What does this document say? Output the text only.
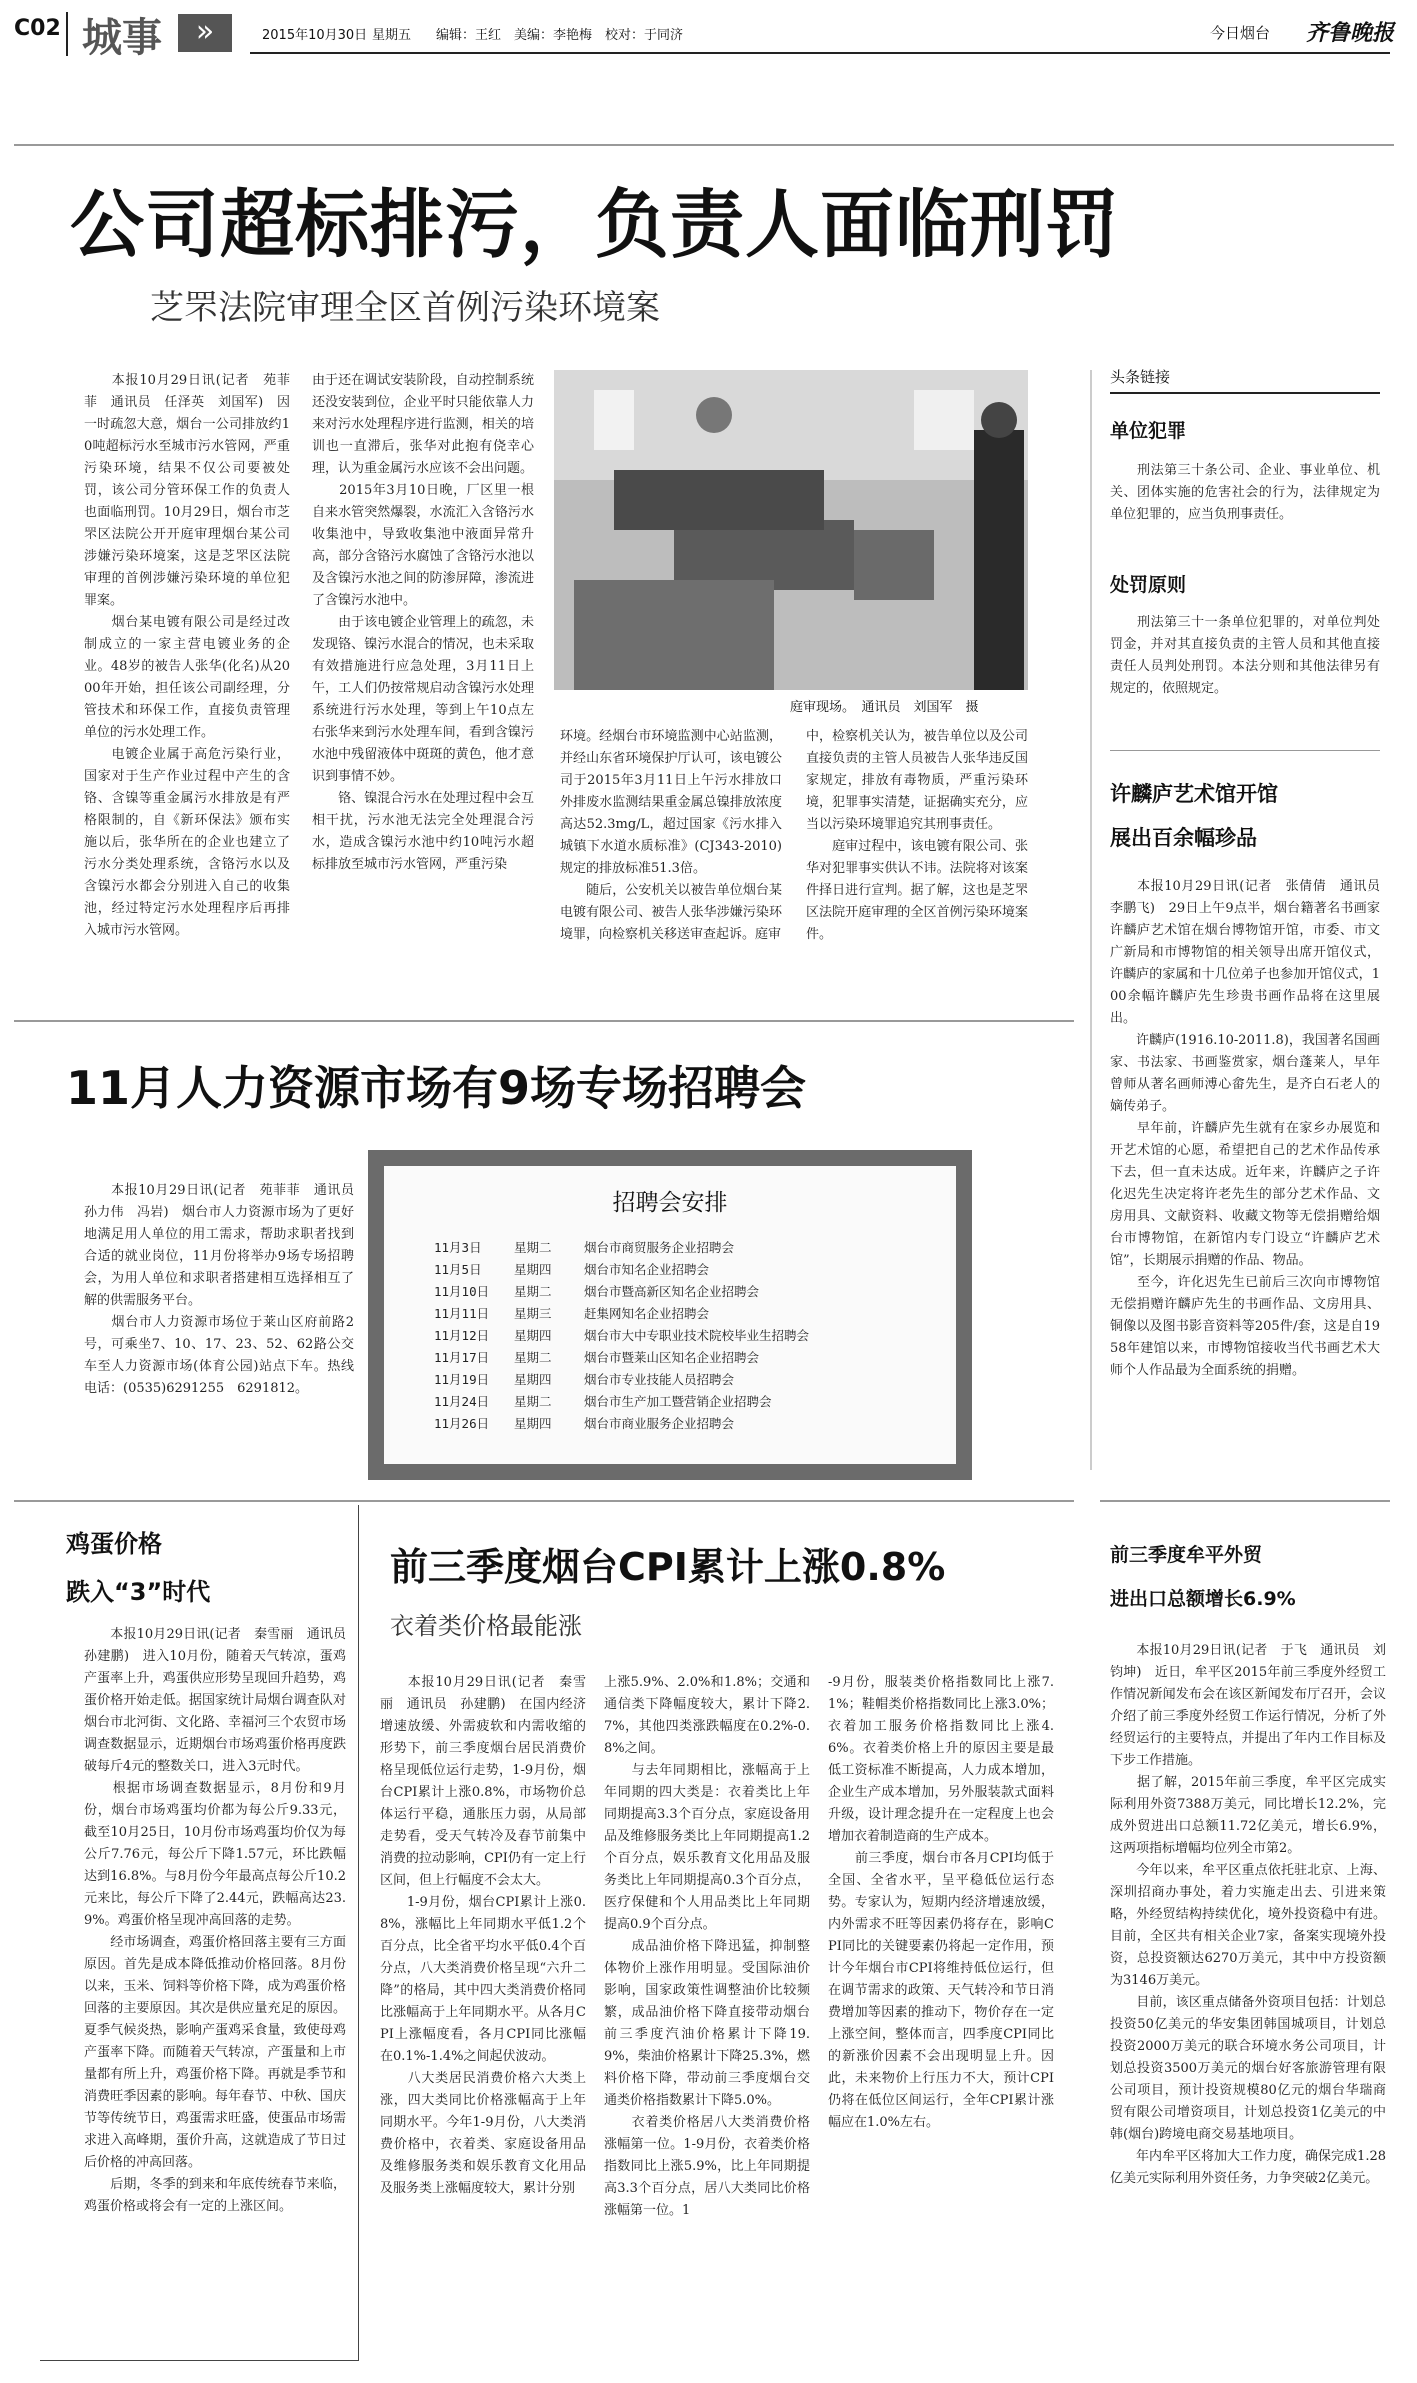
C02 城事	»	2015年10月30日 星期五 编辑：王红　美编：李艳梅　校对：于同济	今日烟台 齐鲁晚报
公司超标排污，负责人面临刑罚
芝罘法院审理全区首例污染环境案
　　本报10月29日讯(记者　苑菲菲　通讯员　任泽英　刘国军)　因一时疏忽大意，烟台一公司排放约10吨超标污水至城市污水管网，严重污染环境，结果不仅公司要被处罚，该公司分管环保工作的负责人也面临刑罚。10月29日，烟台市芝罘区法院公开开庭审理烟台某公司涉嫌污染环境案，这是芝罘区法院审理的首例涉嫌污染环境的单位犯罪案。
　　烟台某电镀有限公司是经过改制成立的一家主营电镀业务的企业。48岁的被告人张华(化名)从2000年开始，担任该公司副经理，分管技术和环保工作，直接负责管理单位的污水处理工作。
　　电镀企业属于高危污染行业，国家对于生产作业过程中产生的含铬、含镍等重金属污水排放是有严格限制的，自《新环保法》颁布实施以后，张华所在的企业也建立了污水分类处理系统，含铬污水以及含镍污水都会分别进入自己的收集池，经过特定污水处理程序后再排入城市污水管网。
由于还在调试安装阶段，自动控制系统还没安装到位，企业平时只能依靠人力来对污水处理程序进行监测，相关的培训也一直滞后，张华对此抱有侥幸心理，认为重金属污水应该不会出问题。
　　2015年3月10日晚，厂区里一根自来水管突然爆裂，水流汇入含铬污水收集池中，导致收集池中液面异常升高，部分含铬污水腐蚀了含铬污水池以及含镍污水池之间的防渗屏障，渗流进了含镍污水池中。
　　由于该电镀企业管理上的疏忽，未发现铬、镍污水混合的情况，也未采取有效措施进行应急处理，3月11日上午，工人们仍按常规启动含镍污水处理系统进行污水处理，等到上午10点左右张华来到污水处理车间，看到含镍污水池中残留液体中斑斑的黄色，他才意识到事情不妙。
　　铬、镍混合污水在处理过程中会互相干扰，污水池无法完全处理混合污水，造成含镍污水池中约10吨污水超标排放至城市污水管网，严重污染
庭审现场。　通讯员　刘国军　摄
环境。经烟台市环境监测中心站监测，并经山东省环境保护厅认可，该电镀公司于2015年3月11日上午污水排放口外排废水监测结果重金属总镍排放浓度高达52.3mg/L，超过国家《污水排入城镇下水道水质标准》(CJ343-2010)规定的排放标准51.3倍。
　　随后，公安机关以被告单位烟台某电镀有限公司、被告人张华涉嫌污染环境罪，向检察机关移送审查起诉。庭审
中，检察机关认为，被告单位以及公司直接负责的主管人员被告人张华违反国家规定，排放有毒物质，严重污染环境，犯罪事实清楚，证据确实充分，应当以污染环境罪追究其刑事责任。
　　庭审过程中，该电镀有限公司、张华对犯罪事实供认不讳。法院将对该案件择日进行宣判。据了解，这也是芝罘区法院开庭审理的全区首例污染环境案件。
头条链接
单位犯罪
　　刑法第三十条公司、企业、事业单位、机关、团体实施的危害社会的行为，法律规定为单位犯罪的，应当负刑事责任。
处罚原则
　　刑法第三十一条单位犯罪的，对单位判处罚金，并对其直接负责的主管人员和其他直接责任人员判处刑罚。本法分则和其他法律另有规定的，依照规定。
许麟庐艺术馆开馆
展出百余幅珍品
　　本报10月29日讯(记者　张倩倩　通讯员　李鹏飞)　29日上午9点半，烟台籍著名书画家许麟庐艺术馆在烟台博物馆开馆，市委、市文广新局和市博物馆的相关领导出席开馆仪式，许麟庐的家属和十几位弟子也参加开馆仪式，100余幅许麟庐先生珍贵书画作品将在这里展出。
　　许麟庐(1916.10-2011.8)，我国著名国画家、书法家、书画鉴赏家，烟台蓬莱人，早年曾师从著名画师溥心畲先生，是齐白石老人的嫡传弟子。
　　早年前，许麟庐先生就有在家乡办展览和开艺术馆的心愿，希望把自己的艺术作品传承下去，但一直未达成。近年来，许麟庐之子许化迟先生决定将许老先生的部分艺术作品、文房用具、文献资料、收藏文物等无偿捐赠给烟台市博物馆，在新馆内专门设立“许麟庐艺术馆”，长期展示捐赠的作品、物品。
　　至今，许化迟先生已前后三次向市博物馆无偿捐赠许麟庐先生的书画作品、文房用具、铜像以及图书影音资料等205件/套，这是自1958年建馆以来，市博物馆接收当代书画艺术大师个人作品最为全面系统的捐赠。
11月人力资源市场有9场专场招聘会
　　本报10月29日讯(记者　苑菲菲　通讯员　孙力伟　冯岩)　烟台市人力资源市场为了更好地满足用人单位的用工需求，帮助求职者找到合适的就业岗位，11月份将举办9场专场招聘会，为用人单位和求职者搭建相互选择相互了解的供需服务平台。
　　烟台市人力资源市场位于莱山区府前路2号，可乘坐7、10、17、23、52、62路公交车至人力资源市场(体育公园)站点下车。热线电话：(0535)6291255　6291812。
招聘会安排
11月3日	星期二	烟台市商贸服务企业招聘会
11月5日	星期四	烟台市知名企业招聘会
11月10日 星期二	烟台市暨高新区知名企业招聘会
11月11日 星期三	赶集网知名企业招聘会
11月12日 星期四	烟台市大中专职业技术院校毕业生招聘会
11月17日 星期二	烟台市暨莱山区知名企业招聘会
11月19日 星期四	烟台市专业技能人员招聘会
11月24日 星期二	烟台市生产加工暨营销企业招聘会
11月26日 星期四	烟台市商业服务企业招聘会
鸡蛋价格
跌入“3”时代
　　本报10月29日讯(记者　秦雪丽　通讯员　孙建鹏)　进入10月份，随着天气转凉，蛋鸡产蛋率上升，鸡蛋供应形势呈现回升趋势，鸡蛋价格开始走低。据国家统计局烟台调查队对烟台市北河街、文化路、幸福河三个农贸市场调查数据显示，近期烟台市场鸡蛋价格再度跌破每斤4元的整数关口，进入3元时代。
　　根据市场调查数据显示，8月份和9月份，烟台市场鸡蛋均价都为每公斤9.33元，截至10月25日，10月份市场鸡蛋均价仅为每公斤7.76元，每公斤下降1.57元，环比跌幅达到16.8%。与8月份今年最高点每公斤10.2元来比，每公斤下降了2.44元，跌幅高达23.9%。鸡蛋价格呈现冲高回落的走势。
　　经市场调查，鸡蛋价格回落主要有三方面原因。首先是成本降低推动价格回落。8月份以来，玉米、饲料等价格下降，成为鸡蛋价格回落的主要原因。其次是供应量充足的原因。夏季气候炎热，影响产蛋鸡采食量，致使母鸡产蛋率下降。而随着天气转凉，产蛋量和上市量都有所上升，鸡蛋价格下降。再就是季节和消费旺季因素的影响。每年春节、中秋、国庆节等传统节日，鸡蛋需求旺盛，使蛋品市场需求进入高峰期，蛋价升高，这就造成了节日过后价格的冲高回落。
　　后期，冬季的到来和年底传统春节来临，鸡蛋价格或将会有一定的上涨区间。
前三季度烟台CPI累计上涨0.8%
衣着类价格最能涨
　　本报10月29日讯(记者　秦雪丽　通讯员　孙建鹏)　在国内经济增速放缓、外需疲软和内需收缩的形势下，前三季度烟台居民消费价格呈现低位运行走势，1-9月份，烟台CPI累计上涨0.8%，市场物价总体运行平稳，通胀压力弱，从局部走势看，受天气转冷及春节前集中消费的拉动影响，CPI仍有一定上行区间，但上行幅度不会太大。
　　1-9月份，烟台CPI累计上涨0.8%，涨幅比上年同期水平低1.2个百分点，比全省平均水平低0.4个百分点，八大类消费价格呈现“六升二降”的格局，其中四大类消费价格同比涨幅高于上年同期水平。从各月CPI上涨幅度看，各月CPI同比涨幅在0.1%-1.4%之间起伏波动。
　　八大类居民消费价格六大类上涨，四大类同比价格涨幅高于上年同期水平。今年1-9月份，八大类消费价格中，衣着类、家庭设备用品及维修服务类和娱乐教育文化用品及服务类上涨幅度较大，累计分别
上涨5.9%、2.0%和1.8%；交通和通信类下降幅度较大，累计下降2.7%，其他四类涨跌幅度在0.2%-0.8%之间。
　　与去年同期相比，涨幅高于上年同期的四大类是：衣着类比上年同期提高3.3个百分点，家庭设备用品及维修服务类比上年同期提高1.2个百分点，娱乐教育文化用品及服务类比上年同期提高0.3个百分点，医疗保健和个人用品类比上年同期提高0.9个百分点。
　　成品油价格下降迅猛，抑制整体物价上涨作用明显。受国际油价影响，国家政策性调整油价比较频繁，成品油价格下降直接带动烟台前三季度汽油价格累计下降19.9%，柴油价格累计下降25.3%，燃料价格下降，带动前三季度烟台交通类价格指数累计下降5.0%。
　　衣着类价格居八大类消费价格涨幅第一位。1-9月份，衣着类价格指数同比上涨5.9%，比上年同期提高3.3个百分点，居八大类同比价格涨幅第一位。1
-9月份，服装类价格指数同比上涨7.1%；鞋帽类价格指数同比上涨3.0%；衣着加工服务价格指数同比上涨4.6%。衣着类价格上升的原因主要是最低工资标准不断提高，人力成本增加，企业生产成本增加，另外服装款式面料升级，设计理念提升在一定程度上也会增加衣着制造商的生产成本。
　　前三季度，烟台市各月CPI均低于全国、全省水平，呈平稳低位运行态势。专家认为，短期内经济增速放缓，内外需求不旺等因素仍将存在，影响CPI同比的关键要素仍将起一定作用，预计今年烟台市CPI将维持低位运行，但在调节需求的政策、天气转冷和节日消费增加等因素的推动下，物价存在一定上涨空间，整体而言，四季度CPI同比的新涨价因素不会出现明显上升。因此，未来物价上行压力不大，预计CPI仍将在低位区间运行，全年CPI累计涨幅应在1.0%左右。
前三季度牟平外贸
进出口总额增长6.9%
　　本报10月29日讯(记者　于飞　通讯员　刘钧坤)　近日，牟平区2015年前三季度外经贸工作情况新闻发布会在该区新闻发布厅召开，会议介绍了前三季度外经贸工作运行情况，分析了外经贸运行的主要特点，并提出了年内工作目标及下步工作措施。
　　据了解，2015年前三季度，牟平区完成实际利用外资7388万美元，同比增长12.2%，完成外贸进出口总额11.72亿美元，增长6.9%，这两项指标增幅均位列全市第2。
　　今年以来，牟平区重点依托驻北京、上海、深圳招商办事处，着力实施走出去、引进来策略，外经贸结构持续优化，境外投资稳中有进。目前，全区共有相关企业7家，备案实现境外投资，总投资额达6270万美元，其中中方投资额为3146万美元。
　　目前，该区重点储备外资项目包括：计划总投资50亿美元的华安集团韩国城项目，计划总投资2000万美元的联合环境水务公司项目，计划总投资3500万美元的烟台好客旅游管理有限公司项目，预计投资规模80亿元的烟台华瑞商贸有限公司增资项目，计划总投资1亿美元的中韩(烟台)跨境电商交易基地项目。
　　年内牟平区将加大工作力度，确保完成1.28亿美元实际利用外资任务，力争突破2亿美元。
